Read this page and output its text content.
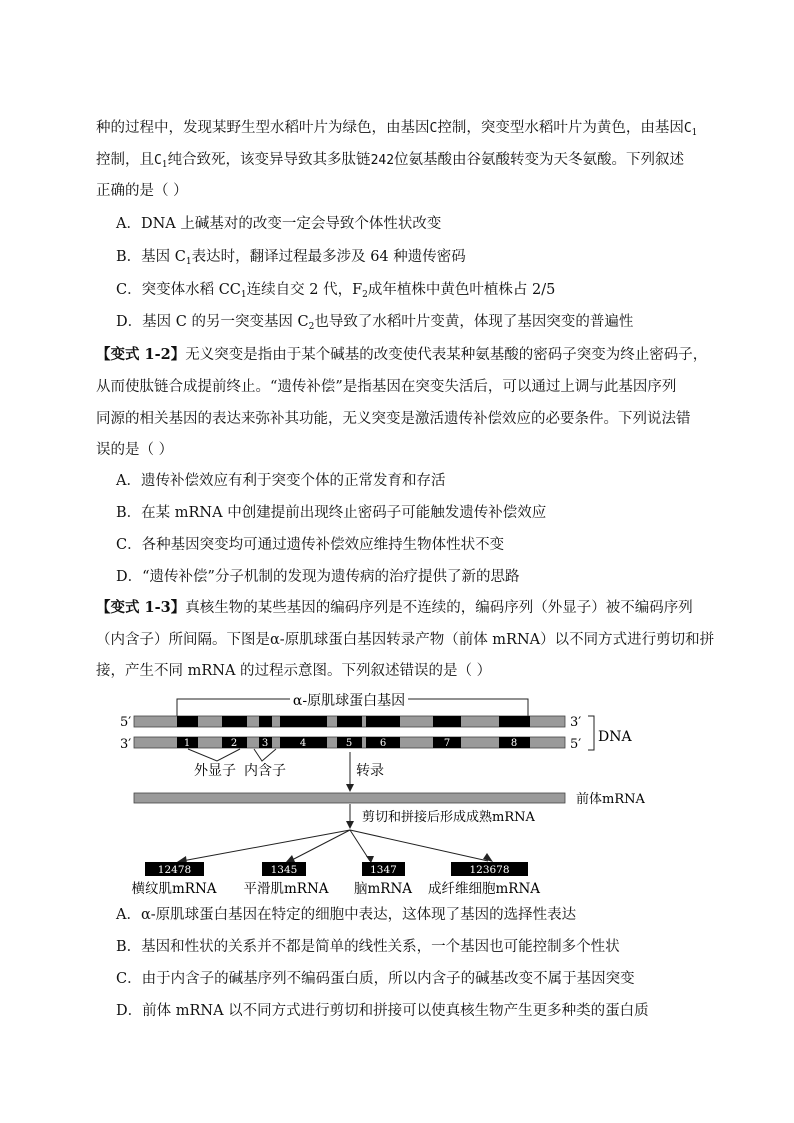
种的过程中，发现某野生型水稻叶片为绿色，由基因C控制，突变型水稻叶片为黄色，由基因$C_1$
控制，且$C_1$纯合致死，该变异导致其多肽链242位氨基酸由谷氨酸转变为天冬氨酸。下列叙述
正确的是（ ）
A．DNA 上碱基对的改变一定会导致个体性状改变
B．基因 $C_1$表达时，翻译过程最多涉及 64 种遗传密码
C．突变体水稻 $CC_1$连续自交 2 代，$F_2$成年植株中黄色叶植株占 2/5
D．基因 C 的另一突变基因 $C_2$也导致了水稻叶片变黄，体现了基因突变的普遍性
【变式 1-2】无义突变是指由于某个碱基的改变使代表某种氨基酸的密码子突变为终止密码子，
从而使肽链合成提前终止。“遗传补偿”是指基因在突变失活后，可以通过上调与此基因序列
同源的相关基因的表达来弥补其功能，无义突变是激活遗传补偿效应的必要条件。下列说法错
误的是（ ）
A．遗传补偿效应有利于突变个体的正常发育和存活
B．在某 mRNA 中创建提前出现终止密码子可能触发遗传补偿效应
C．各种基因突变均可通过遗传补偿效应维持生物体性状不变
D．“遗传补偿”分子机制的发现为遗传病的治疗提供了新的思路
【变式 1-3】真核生物的某些基因的编码序列是不连续的，编码序列（外显子）被不编码序列
（内含子）所间隔。下图是α-原肌球蛋白基因转录产物（前体 mRNA）以不同方式进行剪切和拼
接，产生不同 mRNA 的过程示意图。下列叙述错误的是（ ）
α-原肌球蛋白基因
5′	3′
3′	1	2 3	4	5	6	7	8	5′ DNA
外显子 内含子	转录
前体mRNA
剪切和拼接后形成成熟mRNA
12478	1345	1347	123678
横纹肌mRNA 平滑肌mRNA 脑mRNA 成纤维细胞mRNA
A．α-原肌球蛋白基因在特定的细胞中表达，这体现了基因的选择性表达
B．基因和性状的关系并不都是简单的线性关系，一个基因也可能控制多个性状
C．由于内含子的碱基序列不编码蛋白质，所以内含子的碱基改变不属于基因突变
D．前体 mRNA 以不同方式进行剪切和拼接可以使真核生物产生更多种类的蛋白质
